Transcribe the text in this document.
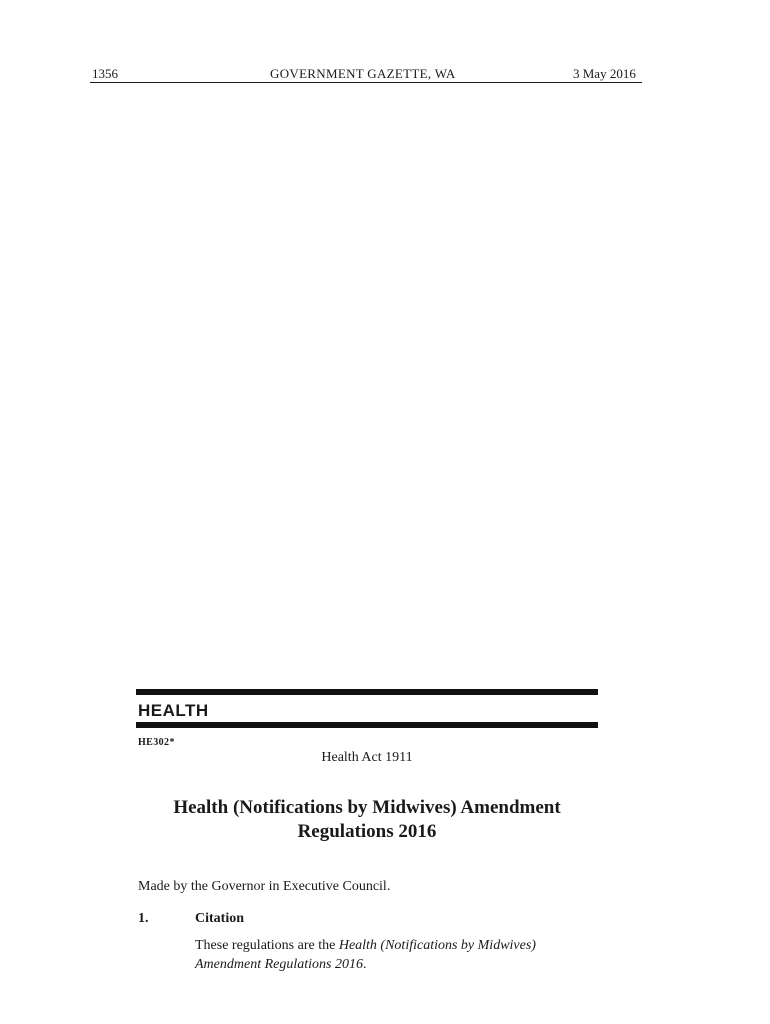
1356	GOVERNMENT GAZETTE, WA	3 May 2016
HEALTH
HE302*
Health Act 1911
Health (Notifications by Midwives) Amendment
Regulations 2016
Made by the Governor in Executive Council.
1.	Citation
These regulations are the Health (Notifications by Midwives)
Amendment Regulations 2016.
